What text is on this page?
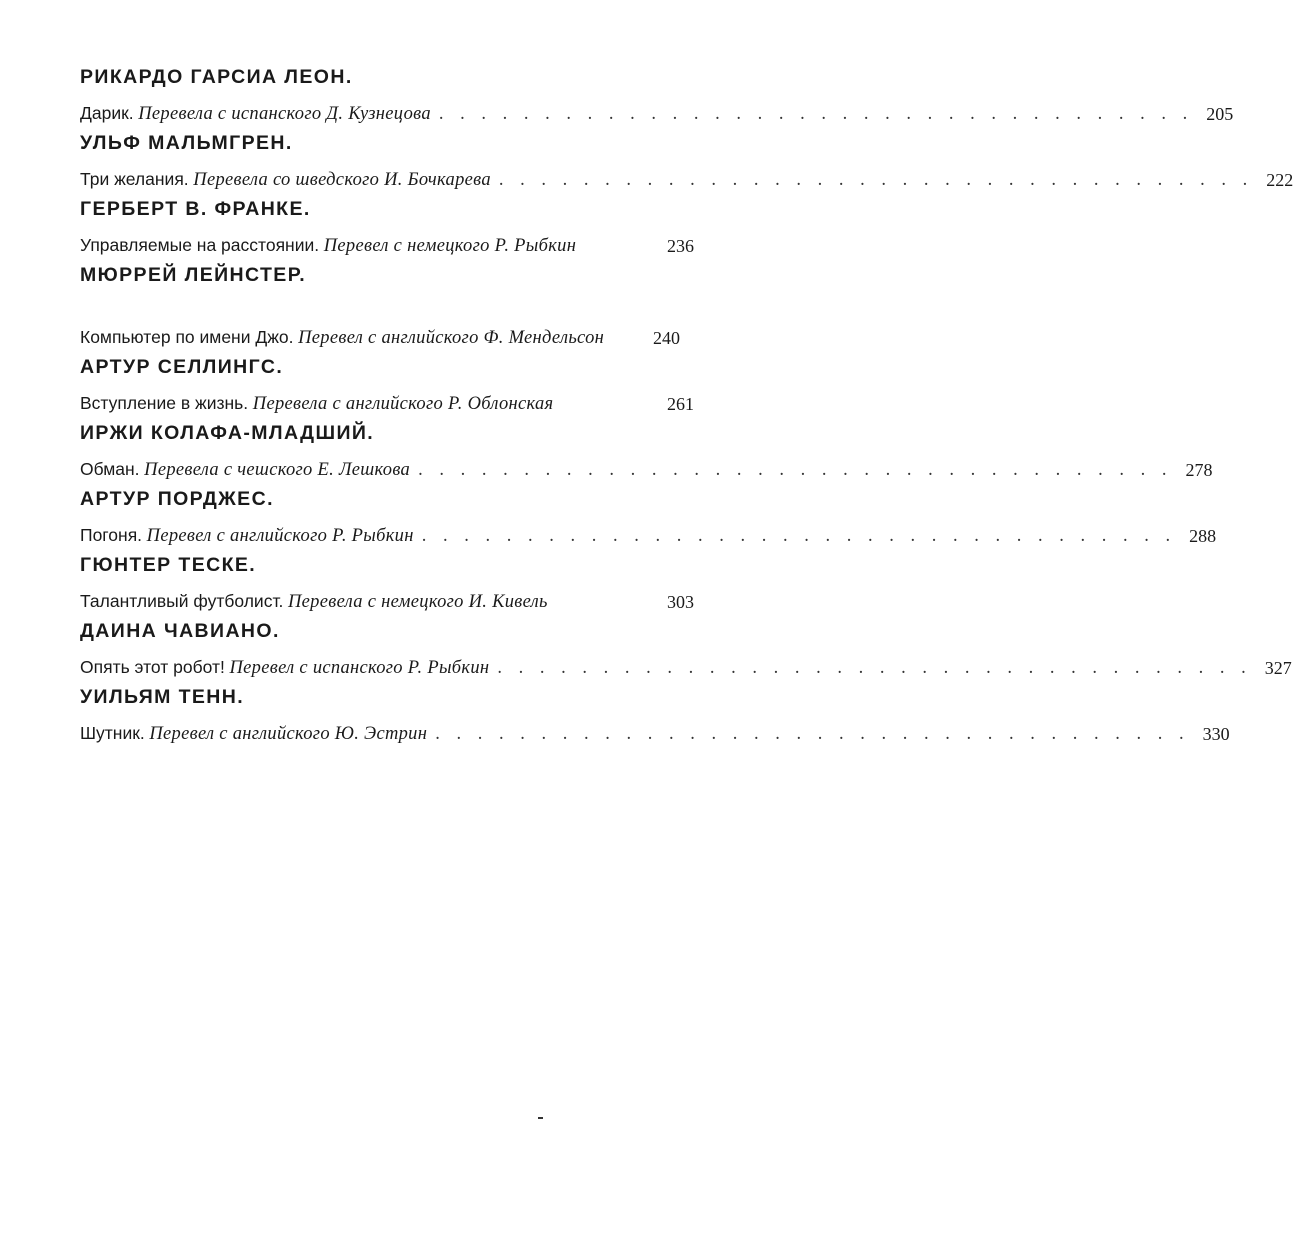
РИКАРДО ГАРСИА ЛЕОН.
Дарик. Перевела с испанского Д. Кузнецова . . . . . . . . . . . . . . . . . . . . . . . . . . . . . . . . . . . . 205
УЛЬФ МАЛЬМГРЕН.
Три желания. Перевела со шведского И. Бочкарева . . . . . . . . . . . . . . . . . . . . . . . . . . . . . . . . . . . . 222
ГЕРБЕРТ В. ФРАНКЕ.
Управляемые на расстоянии. Перевел с немецкого Р. Рыбкин	236
МЮРРЕЙ ЛЕЙНСТЕР.
Компьютер по имени Джо. Перевел с английского Ф. Мендельсон	240
АРТУР СЕЛЛИНГС.
Вступление в жизнь. Перевела с английского Р. Облонская	261
ИРЖИ КОЛАФА-МЛАДШИЙ.
Обман. Перевела с чешского Е. Лешкова . . . . . . . . . . . . . . . . . . . . . . . . . . . . . . . . . . . . 278
АРТУР ПОРДЖЕС.
Погоня. Перевел с английского Р. Рыбкин . . . . . . . . . . . . . . . . . . . . . . . . . . . . . . . . . . . . 288
ГЮНТЕР ТЕСКЕ.
Талантливый футболист. Перевела с немецкого И. Кивель	303
ДАИНА ЧАВИАНО.
Опять этот робот! Перевел с испанского Р. Рыбкин . . . . . . . . . . . . . . . . . . . . . . . . . . . . . . . . . . . . 327
УИЛЬЯМ ТЕНН.
Шутник. Перевел с английского Ю. Эстрин . . . . . . . . . . . . . . . . . . . . . . . . . . . . . . . . . . . . 330
